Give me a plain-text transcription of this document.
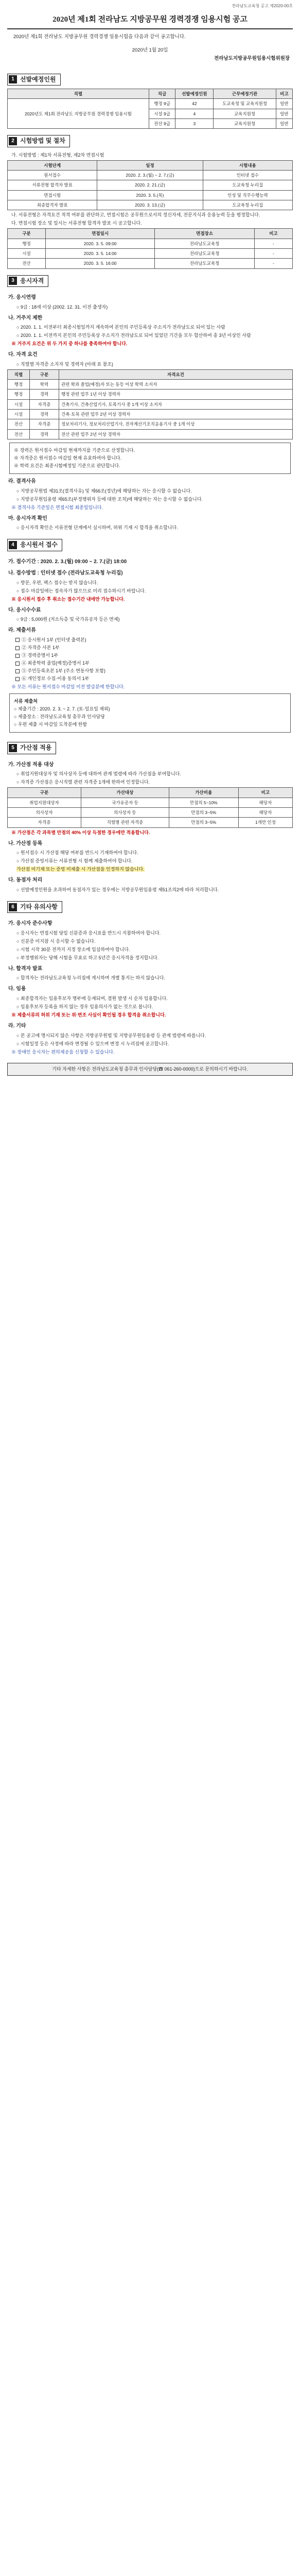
전라남도교육청 공고 제2020-00호
2020년 제1회 전라남도 지방공무원 경력경쟁 임용시험 공고

2020년 제1회 전라남도 지방공무원 경력경쟁 임용시험을 다음과 같이 공고합니다.

2020년 1월 20일
전라남도지방공무원임용시험위원장
1 선발예정인원
직렬	직급	선발예정인원	근무예정기관	비고
2020년도 제1회 전라남도 지방공무원 경력경쟁 임용시험	행정 9급	42	도교육청 및 교육지원청	일반
	시설 9급	4	교육지원청	일반
	전산 9급	3	교육지원청	일반
2 시험방법 및 절차

가. 시험방법 : 제1차 서류전형, 제2차 면접시험

시험단계	일정	시험내용
원서접수	2020. 2. 3.(월) ~ 2. 7.(금)	인터넷 접수
서류전형 합격자 발표	2020. 2. 21.(금)	도교육청 누리집
면접시험	2020. 3. 5.(목)	인성 및 직무수행능력
최종합격자 발표	2020. 3. 13.(금)	도교육청 누리집

나. 서류전형은 자격요건 적격 여부를 판단하고, 면접시험은 공무원으로서의 정신자세, 전문지식과 응용능력 등을 평정합니다.

다. 면접시험 장소 및 일시는 서류전형 합격자 발표 시 공고합니다.

구분	면접일시	면접장소	비고
행정	2020. 3. 5. 09:00	전라남도교육청	-
시설	2020. 3. 5. 14:00	전라남도교육청	-
전산	2020. 3. 5. 16:00	전라남도교육청	-
3 응시자격
가. 응시연령

○ 9급 : 18세 이상 (2002. 12. 31. 이전 출생자)

나. 거주지 제한

○ 2020. 1. 1. 이전부터 최종시험일까지 계속하여 본인의 주민등록상 주소지가 전라남도로 되어 있는 사람

○ 2020. 1. 1. 이전까지 본인의 주민등록상 주소지가 전라남도로 되어 있었던 기간을 모두 합산하여 총 3년 이상인 사람

※ 거주지 요건은 위 두 가지 중 하나를 충족하여야 합니다.

다. 자격 요건

○ 직렬별 자격증 소지자 및 경력자 (아래 표 참조)

직렬	구분	자격요건
행정	학력	관련 학과 졸업(예정)자 또는 동등 이상 학력 소지자
행정	경력	행정 관련 업무 1년 이상 경력자
시설	자격증	건축기사, 건축산업기사, 토목기사 중 1개 이상 소지자
시설	경력	건축·토목 관련 업무 2년 이상 경력자
전산	자격증	정보처리기사, 정보처리산업기사, 전자계산기조직응용기사 중 1개 이상
전산	경력	전산 관련 업무 2년 이상 경력자

※ 경력은 원서접수 마감일 현재까지를 기준으로 산정합니다.

※ 자격증은 원서접수 마감일 현재 유효하여야 합니다.

※ 학력 요건은 최종시험예정일 기준으로 판단합니다.

라. 결격사유

○ 지방공무원법 제31조(결격사유) 및 제66조(정년)에 해당하는 자는 응시할 수 없습니다.

○ 지방공무원임용령 제65조(부정행위자 등에 대한 조치)에 해당하는 자는 응시할 수 없습니다.

※ 결격사유 기준일은 면접시험 최종일입니다.

마. 응시자격 확인

○ 응시자격 확인은 서류전형 단계에서 실시하며, 허위 기재 시 합격을 취소합니다.

4 응시원서 접수
가. 접수기간 : 2020. 2. 3.(월) 09:00 ~ 2. 7.(금) 18:00
나. 접수방법 : 인터넷 접수 (전라남도교육청 누리집)

○ 방문, 우편, 팩스 접수는 받지 않습니다.

○ 접수 마감일에는 접속자가 많으므로 미리 접수하시기 바랍니다.

※ 응시원서 접수 후 취소는 접수기간 내에만 가능합니다.

다. 응시수수료

○ 9급 : 5,000원 (저소득층 및 국가유공자 등은 면제)

라. 제출서류
① 응시원서 1부 (인터넷 출력본)
② 자격증 사본 1부
③ 경력증명서 1부
④ 최종학력 졸업(예정)증명서 1부
⑤ 주민등록초본 1부 (주소 변동사항 포함)
⑥ 개인정보 수집·이용 동의서 1부

※ 모든 서류는 원서접수 마감일 이전 발급분에 한합니다.

서류 제출처

○ 제출기간 : 2020. 2. 3. ~ 2. 7. (토·일요일 제외)

○ 제출장소 : 전라남도교육청 총무과 인사담당

○ 우편 제출 시 마감일 도착분에 한함

5 가산점 적용
가. 가산점 적용 대상

○ 취업지원대상자 및 의사상자 등에 대하여 관계 법령에 따라 가산점을 부여합니다.

○ 자격증 가산점은 응시직렬 관련 자격증 1개에 한하여 인정합니다.

구분	가산대상	가산비율	비고
취업지원대상자	국가유공자 등	만점의 5~10%	해당자
의사상자	의사상자 등	만점의 3~5%	해당자
자격증	직렬별 관련 자격증	만점의 3~5%	1개만 인정

※ 가산점은 각 과목별 만점의 40% 이상 득점한 경우에만 적용합니다.

나. 가산점 등록

○ 원서접수 시 가산점 해당 여부를 반드시 기재하여야 합니다.

○ 가산점 증빙서류는 서류전형 시 함께 제출하여야 합니다.

가산점 미기재 또는 증빙 미제출 시 가산점을 인정하지 않습니다.

다. 동점자 처리

○ 선발예정인원을 초과하여 동점자가 있는 경우에는 지방공무원임용령 제51조의2에 따라 처리합니다.

6 기타 유의사항
가. 응시자 준수사항

○ 응시자는 면접시험 당일 신분증과 응시표를 반드시 지참하여야 합니다.

○ 신분증 미지참 시 응시할 수 없습니다.

○ 시험 시작 30분 전까지 지정 장소에 입실하여야 합니다.

○ 부정행위자는 당해 시험을 무효로 하고 5년간 응시자격을 정지합니다.

나. 합격자 발표

○ 합격자는 전라남도교육청 누리집에 게시하며 개별 통지는 하지 않습니다.

다. 임용

○ 최종합격자는 임용후보자 명부에 등재되며, 결원 발생 시 순차 임용합니다.

○ 임용후보자 등록을 하지 않는 경우 임용의사가 없는 것으로 봅니다.

※ 제출서류의 허위 기재 또는 위·변조 사실이 확인될 경우 합격을 취소합니다.

라. 기타

○ 본 공고에 명시되지 않은 사항은 지방공무원법 및 지방공무원임용령 등 관계 법령에 따릅니다.

○ 시험일정 등은 사정에 따라 변경될 수 있으며 변경 시 누리집에 공고합니다.

※ 장애인 응시자는 편의제공을 신청할 수 있습니다.

기타 자세한 사항은 전라남도교육청 총무과 인사담당(☎ 061-260-0000)으로 문의하시기 바랍니다.
